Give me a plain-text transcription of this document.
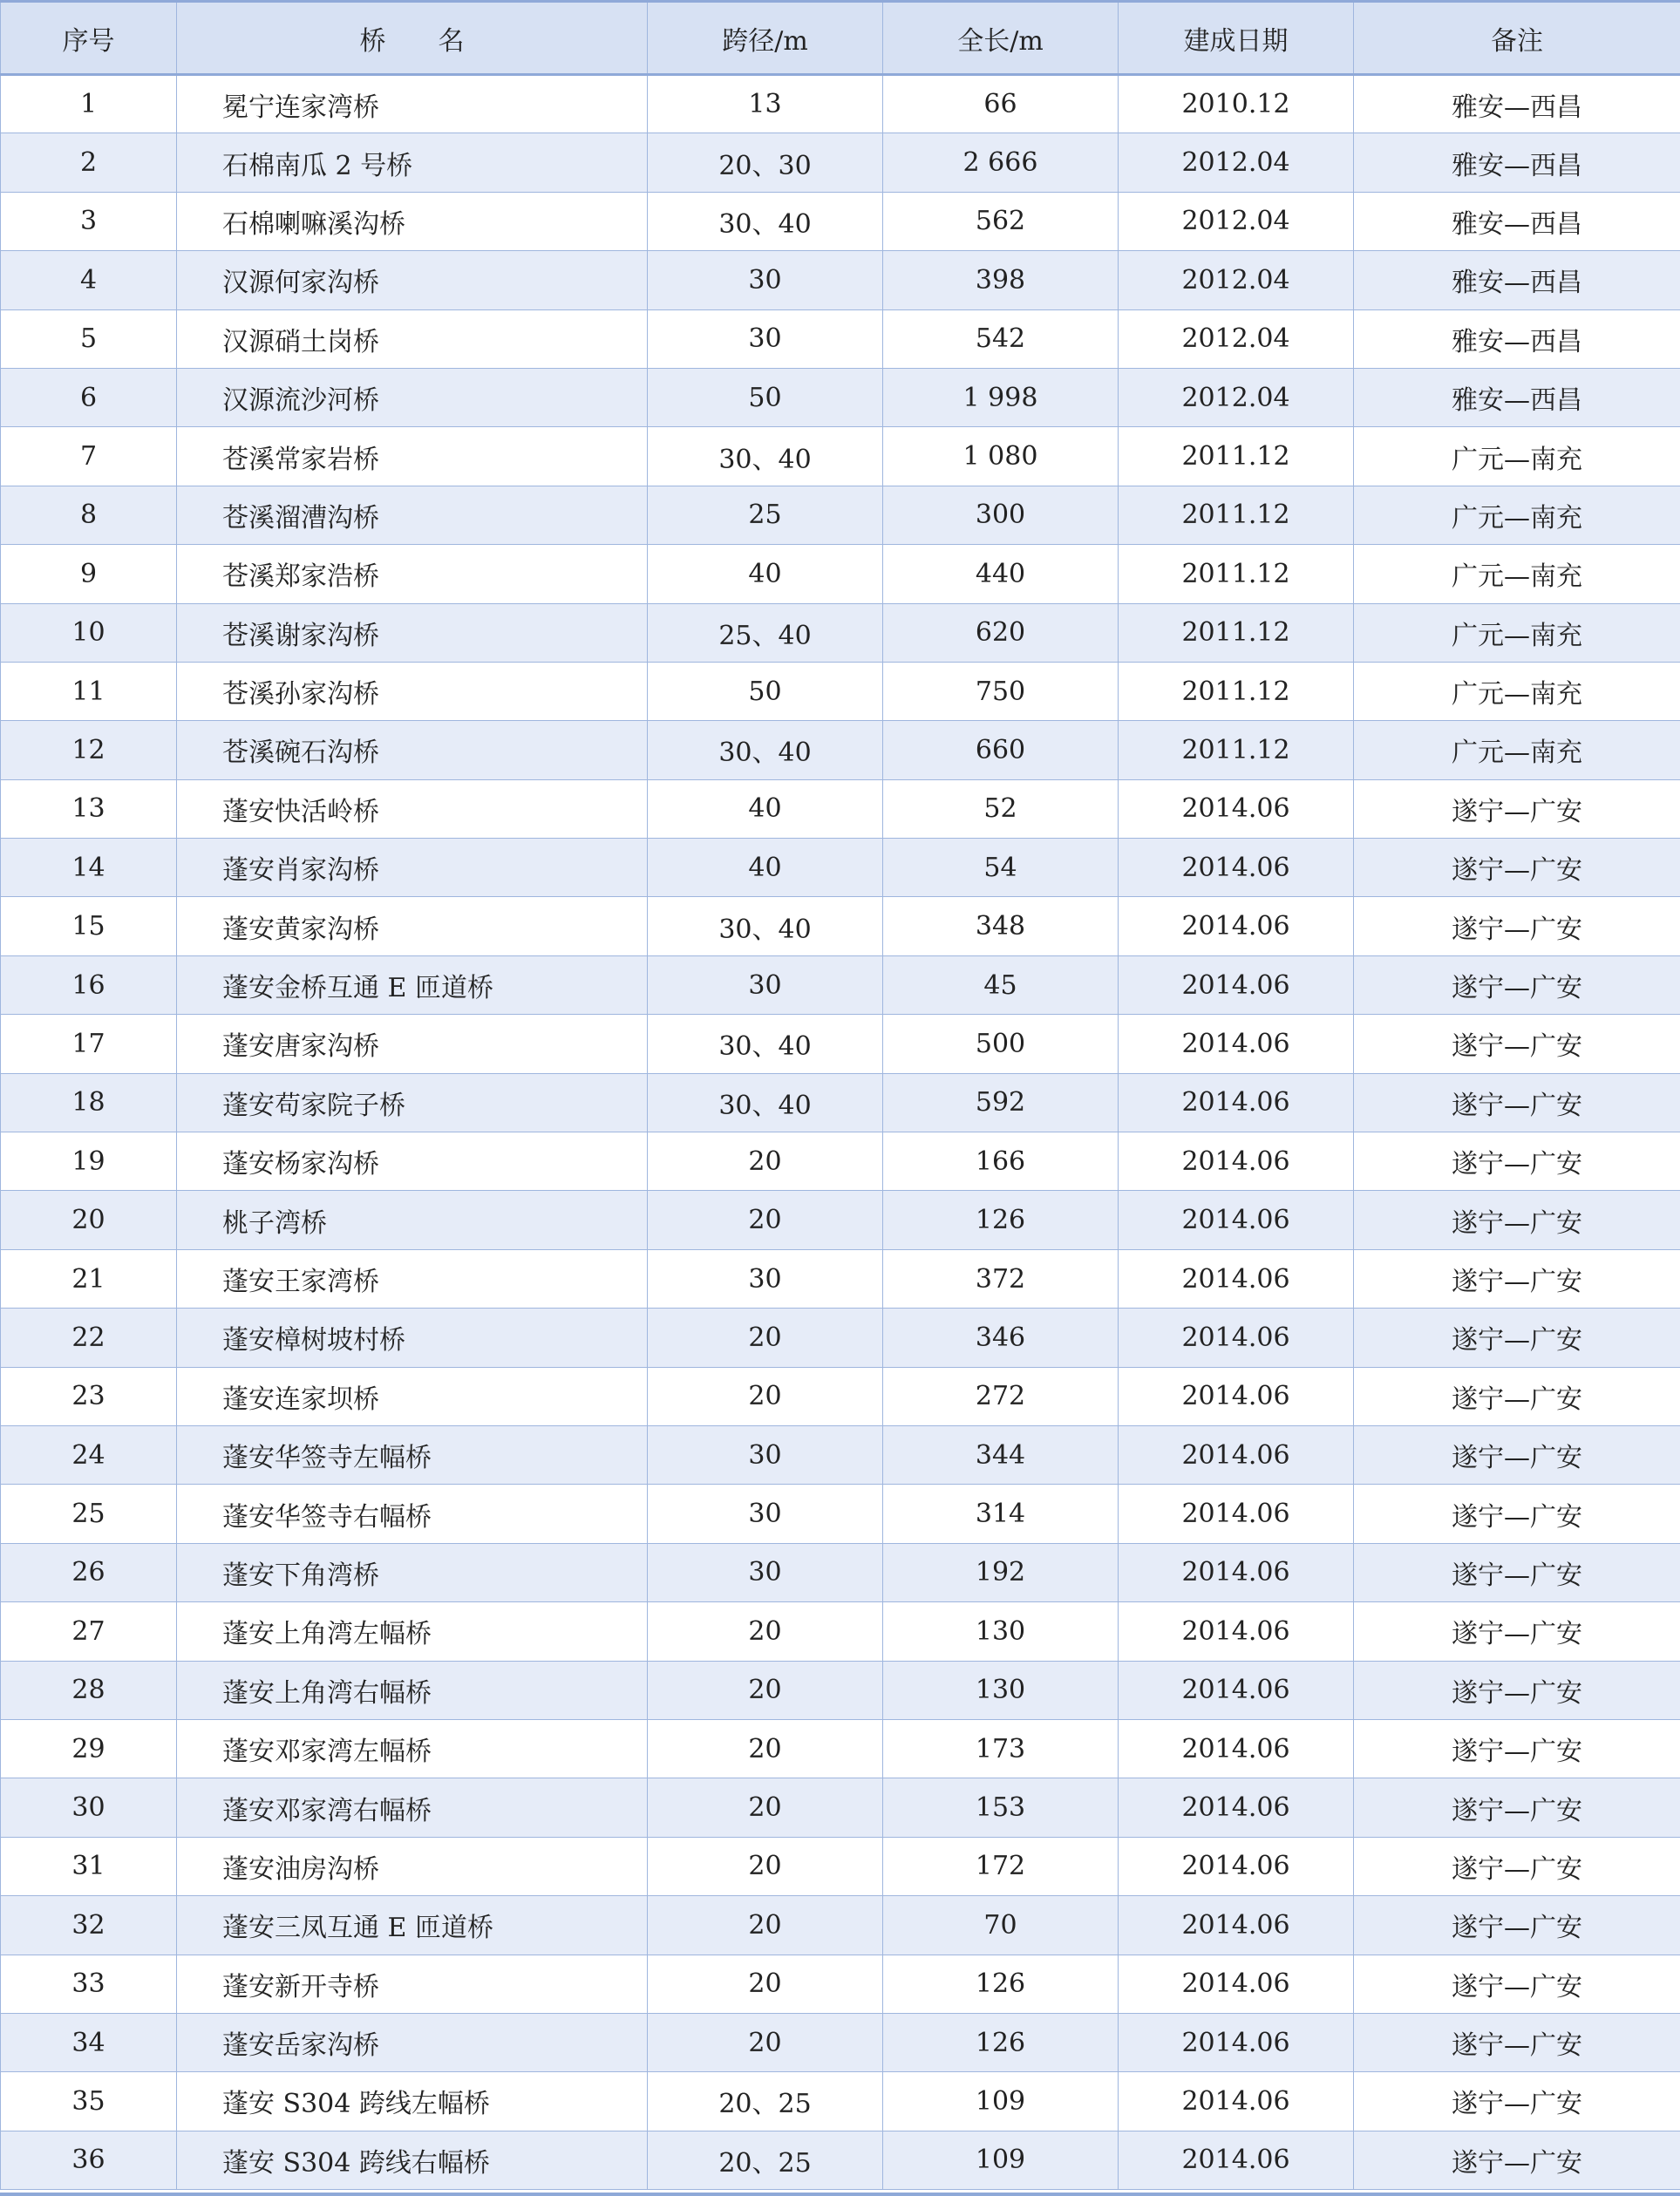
序号	桥　　名	跨径/m	全长/m	建成日期	备注
1	冕宁连家湾桥	13	66	2010.12	雅安—西昌
2	石棉南瓜 2 号桥	20、30	2 666	2012.04	雅安—西昌
3	石棉喇嘛溪沟桥	30、40	562	2012.04	雅安—西昌
4	汉源何家沟桥	30	398	2012.04	雅安—西昌
5	汉源硝土岗桥	30	542	2012.04	雅安—西昌
6	汉源流沙河桥	50	1 998	2012.04	雅安—西昌
7	苍溪常家岩桥	30、40	1 080	2011.12	广元—南充
8	苍溪溜漕沟桥	25	300	2011.12	广元—南充
9	苍溪郑家浩桥	40	440	2011.12	广元—南充
10	苍溪谢家沟桥	25、40	620	2011.12	广元—南充
11	苍溪孙家沟桥	50	750	2011.12	广元—南充
12	苍溪碗石沟桥	30、40	660	2011.12	广元—南充
13	蓬安快活岭桥	40	52	2014.06	遂宁—广安
14	蓬安肖家沟桥	40	54	2014.06	遂宁—广安
15	蓬安黄家沟桥	30、40	348	2014.06	遂宁—广安
16	蓬安金桥互通 E 匝道桥	30	45	2014.06	遂宁—广安
17	蓬安唐家沟桥	30、40	500	2014.06	遂宁—广安
18	蓬安苟家院子桥	30、40	592	2014.06	遂宁—广安
19	蓬安杨家沟桥	20	166	2014.06	遂宁—广安
20	桃子湾桥	20	126	2014.06	遂宁—广安
21	蓬安王家湾桥	30	372	2014.06	遂宁—广安
22	蓬安樟树坡村桥	20	346	2014.06	遂宁—广安
23	蓬安连家坝桥	20	272	2014.06	遂宁—广安
24	蓬安华签寺左幅桥	30	344	2014.06	遂宁—广安
25	蓬安华签寺右幅桥	30	314	2014.06	遂宁—广安
26	蓬安下角湾桥	30	192	2014.06	遂宁—广安
27	蓬安上角湾左幅桥	20	130	2014.06	遂宁—广安
28	蓬安上角湾右幅桥	20	130	2014.06	遂宁—广安
29	蓬安邓家湾左幅桥	20	173	2014.06	遂宁—广安
30	蓬安邓家湾右幅桥	20	153	2014.06	遂宁—广安
31	蓬安油房沟桥	20	172	2014.06	遂宁—广安
32	蓬安三凤互通 E 匝道桥	20	70	2014.06	遂宁—广安
33	蓬安新开寺桥	20	126	2014.06	遂宁—广安
34	蓬安岳家沟桥	20	126	2014.06	遂宁—广安
35	蓬安 S304 跨线左幅桥	20、25	109	2014.06	遂宁—广安
36	蓬安 S304 跨线右幅桥	20、25	109	2014.06	遂宁—广安
